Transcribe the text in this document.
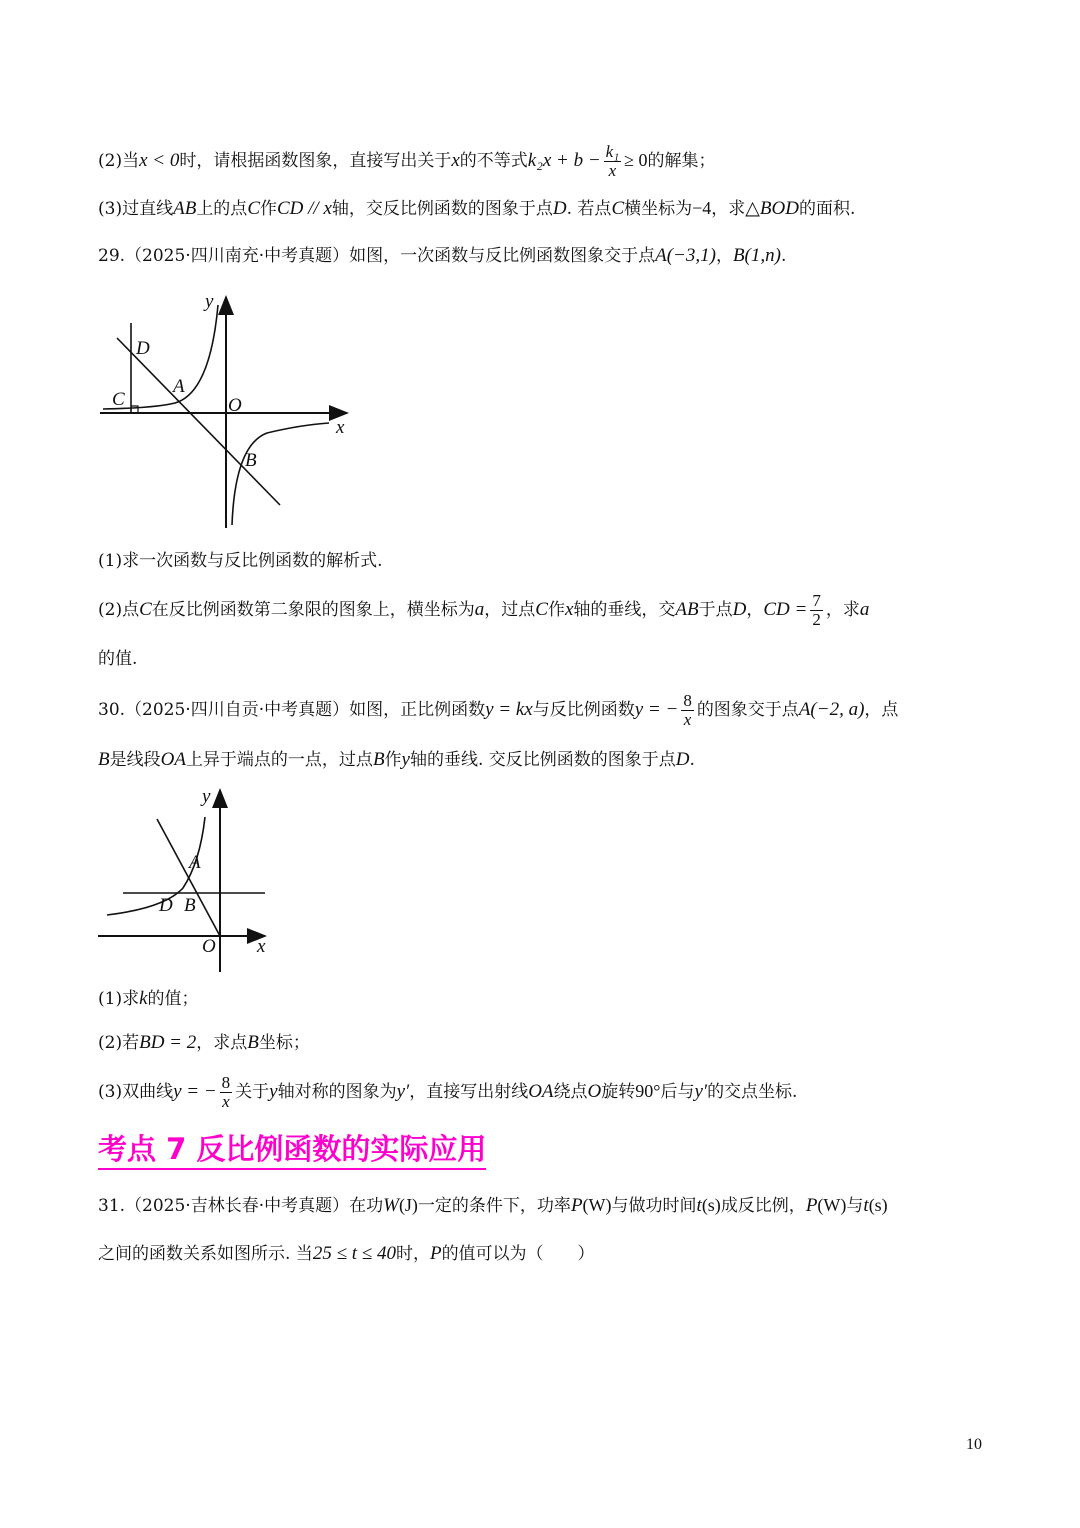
(2)当x < 0时，请根据函数图象，直接写出关于x的不等式$k_2x + b - \frac{\text{k₁}}{x} \ge 0$的解集；
(3)过直线AB上的点C作CD // x轴，交反比例函数的图象于点D. 若点C横坐标为−4，求△BOD的面积.
29.（2025·四川南充·中考真题）如图，一次函数与反比例函数图象交于点A(−3,1)，B(1,n).
y
D
A
C	O
x
B
(1)求一次函数与反比例函数的解析式.
(2)点C在反比例函数第二象限的图象上，横坐标为a，过点C作x轴的垂线，交AB于点D，CD = $\frac{7}{2}$ ，求a
的值.
30.（2025·四川自贡·中考真题）如图，正比例函数y = kx与反比例函数y = − $\frac{8}{x}$ 的图象交于点A(−2, a)，点
B是线段OA上异于端点的一点，过点B作y轴的垂线. 交反比例函数的图象于点D.
y
A
D B
O x
(1)求k的值；
(2)若BD = 2，求点B坐标；
(3)双曲线y = − $\frac{8}{x}$ 关于y轴对称的图象为y′，直接写出射线OA绕点O旋转90°后与y′的交点坐标.
考点 7 反比例函数的实际应用
31.（2025·吉林长春·中考真题）在功W(J)一定的条件下，功率P(W)与做功时间t(s)成反比例，P(W)与t(s)
之间的函数关系如图所示. 当25 ≤ t ≤ 40时，P的值可以为（　　）
10
